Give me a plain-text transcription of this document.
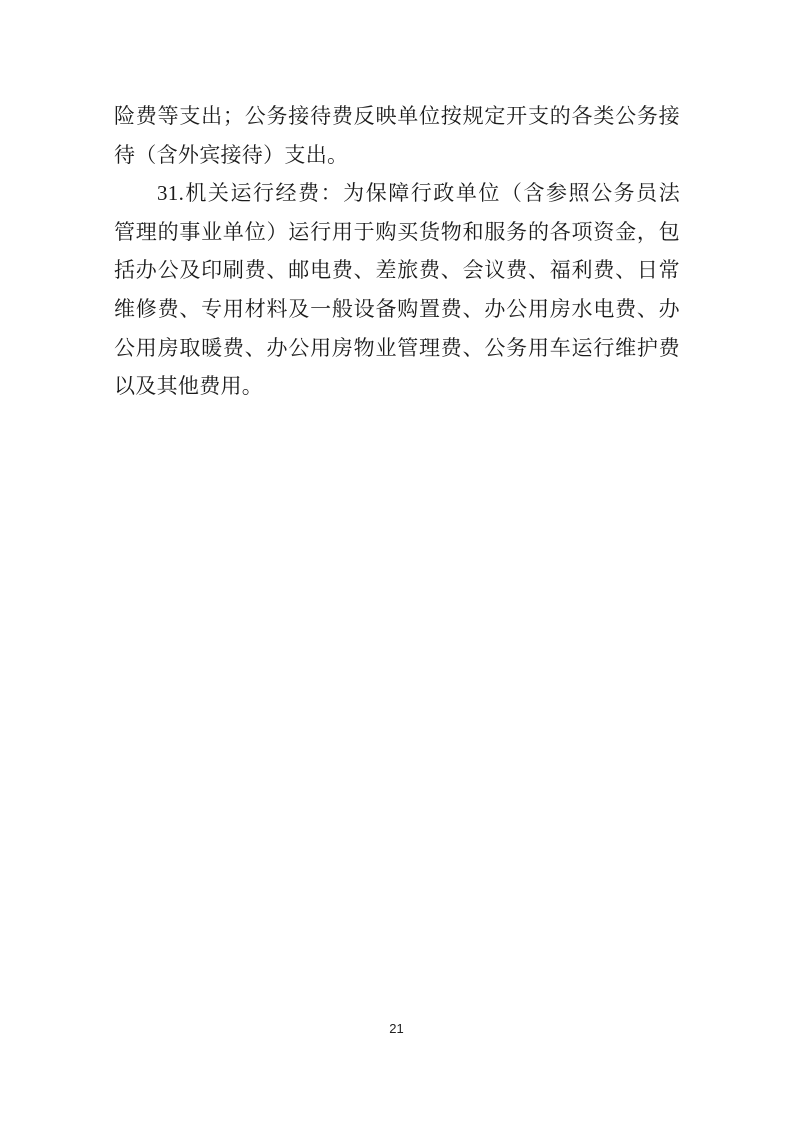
险费等支出；公务接待费反映单位按规定开支的各类公务接

待（含外宾接待）支出。

31.机关运行经费：为保障行政单位（含参照公务员法

管理的事业单位）运行用于购买货物和服务的各项资金，包

括办公及印刷费、邮电费、差旅费、会议费、福利费、日常

维修费、专用材料及一般设备购置费、办公用房水电费、办

公用房取暖费、办公用房物业管理费、公务用车运行维护费

以及其他费用。

21
